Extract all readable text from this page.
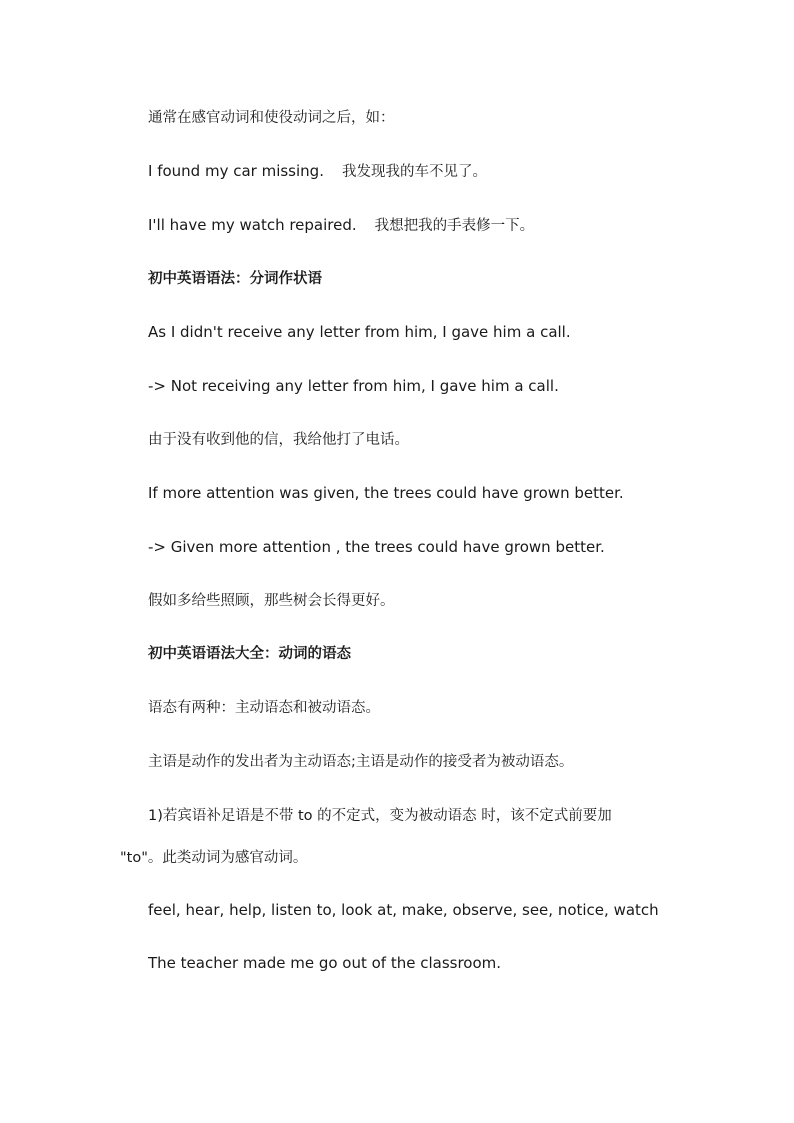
通常在感官动词和使役动词之后，如：
I found my car missing. 我发现我的车不见了。
I'll have my watch repaired. 我想把我的手表修一下。
初中英语语法：分词作状语
As I didn't receive any letter from him, I gave him a call.
-> Not receiving any letter from him, I gave him a call.
由于没有收到他的信，我给他打了电话。
If more attention was given, the trees could have grown better.
-> Given more attention , the trees could have grown better.
假如多给些照顾，那些树会长得更好。
初中英语语法大全：动词的语态
语态有两种：主动语态和被动语态。
主语是动作的发出者为主动语态;主语是动作的接受者为被动语态。
1)若宾语补足语是不带 to 的不定式，变为被动语态 时，该不定式前要加
"to"。此类动词为感官动词。
feel, hear, help, listen to, look at, make, observe, see, notice, watch
The teacher made me go out of the classroom.
